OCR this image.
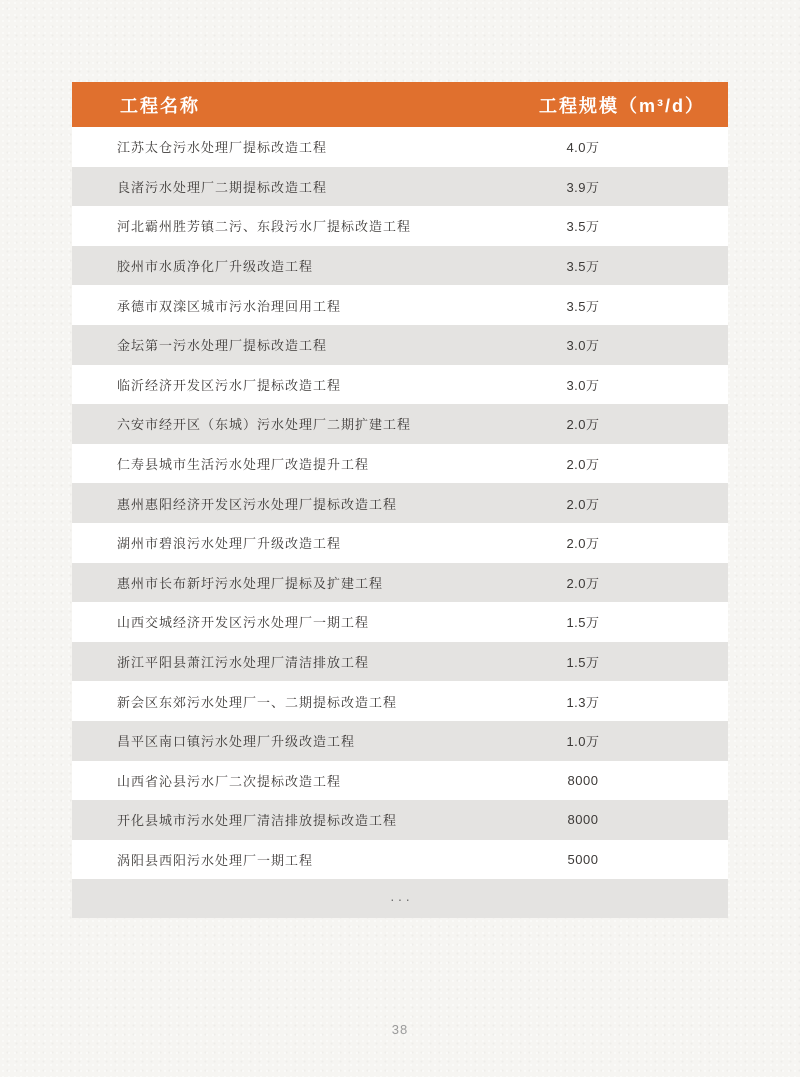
工程名称	工程规模（m³/d）
江苏太仓污水处理厂提标改造工程	4.0万
良渚污水处理厂二期提标改造工程	3.9万
河北霸州胜芳镇二污、东段污水厂提标改造工程	3.5万
胶州市水质净化厂升级改造工程	3.5万
承德市双滦区城市污水治理回用工程	3.5万
金坛第一污水处理厂提标改造工程	3.0万
临沂经济开发区污水厂提标改造工程	3.0万
六安市经开区（东城）污水处理厂二期扩建工程	2.0万
仁寿县城市生活污水处理厂改造提升工程	2.0万
惠州惠阳经济开发区污水处理厂提标改造工程	2.0万
湖州市碧浪污水处理厂升级改造工程	2.0万
惠州市长布新圩污水处理厂提标及扩建工程	2.0万
山西交城经济开发区污水处理厂一期工程	1.5万
浙江平阳县萧江污水处理厂清洁排放工程	1.5万
新会区东郊污水处理厂一、二期提标改造工程	1.3万
昌平区南口镇污水处理厂升级改造工程	1.0万
山西省沁县污水厂二次提标改造工程	8000
开化县城市污水处理厂清洁排放提标改造工程	8000
涡阳县西阳污水处理厂一期工程	5000
···
38
